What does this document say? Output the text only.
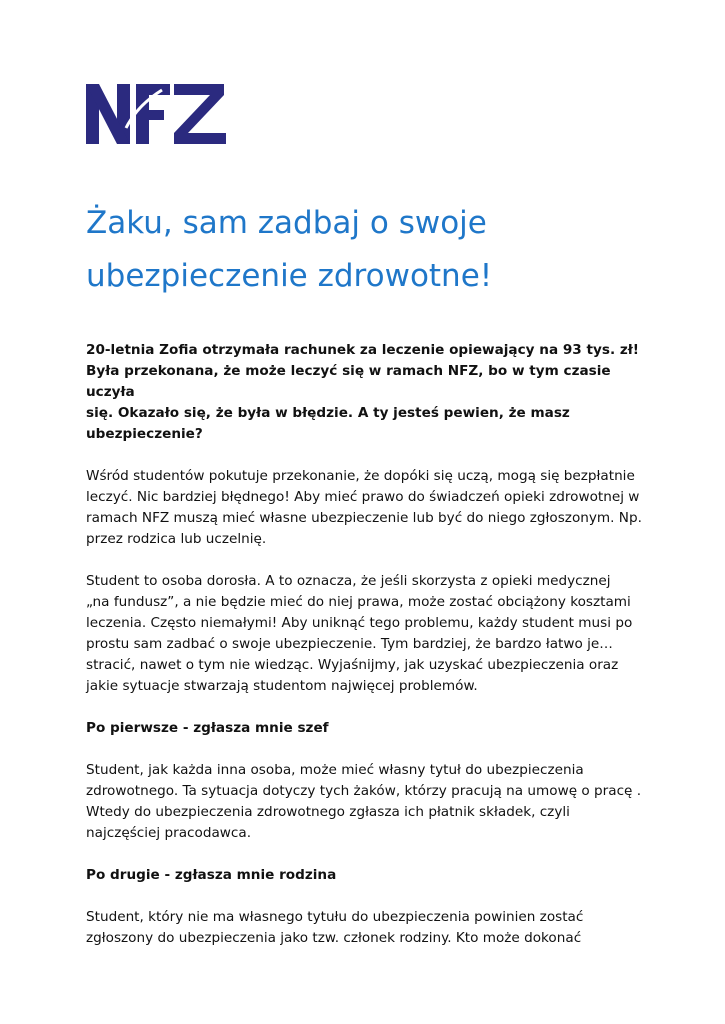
Żaku, sam zadbaj o swoje
ubezpieczenie zdrowotne!

20-letnia Zofia otrzymała rachunek za leczenie opiewający na 93 tys. zł!
Była przekonana, że może leczyć się w ramach NFZ, bo w tym czasie uczyła
się. Okazało się, że była w błędzie. A ty jesteś pewien, że masz
ubezpieczenie?

Wśród studentów pokutuje przekonanie, że dopóki się uczą, mogą się bezpłatnie
leczyć. Nic bardziej błędnego! Aby mieć prawo do świadczeń opieki zdrowotnej w
ramach NFZ muszą mieć własne ubezpieczenie lub być do niego zgłoszonym. Np.
przez rodzica lub uczelnię.

Student to osoba dorosła. A to oznacza, że jeśli skorzysta z opieki medycznej
„na fundusz”, a nie będzie mieć do niej prawa, może zostać obciążony kosztami
leczenia. Często niemałymi! Aby uniknąć tego problemu, każdy student musi po
prostu sam zadbać o swoje ubezpieczenie. Tym bardziej, że bardzo łatwo je…
stracić, nawet o tym nie wiedząc. Wyjaśnijmy, jak uzyskać ubezpieczenia oraz
jakie sytuacje stwarzają studentom najwięcej problemów.

Po pierwsze - zgłasza mnie szef

Student, jak każda inna osoba, może mieć własny tytuł do ubezpieczenia
zdrowotnego. Ta sytuacja dotyczy tych żaków, którzy pracują na umowę o pracę .
Wtedy do ubezpieczenia zdrowotnego zgłasza ich płatnik składek, czyli
najczęściej pracodawca.

Po drugie - zgłasza mnie rodzina

Student, który nie ma własnego tytułu do ubezpieczenia powinien zostać
zgłoszony do ubezpieczenia jako tzw. członek rodziny. Kto może dokonać
